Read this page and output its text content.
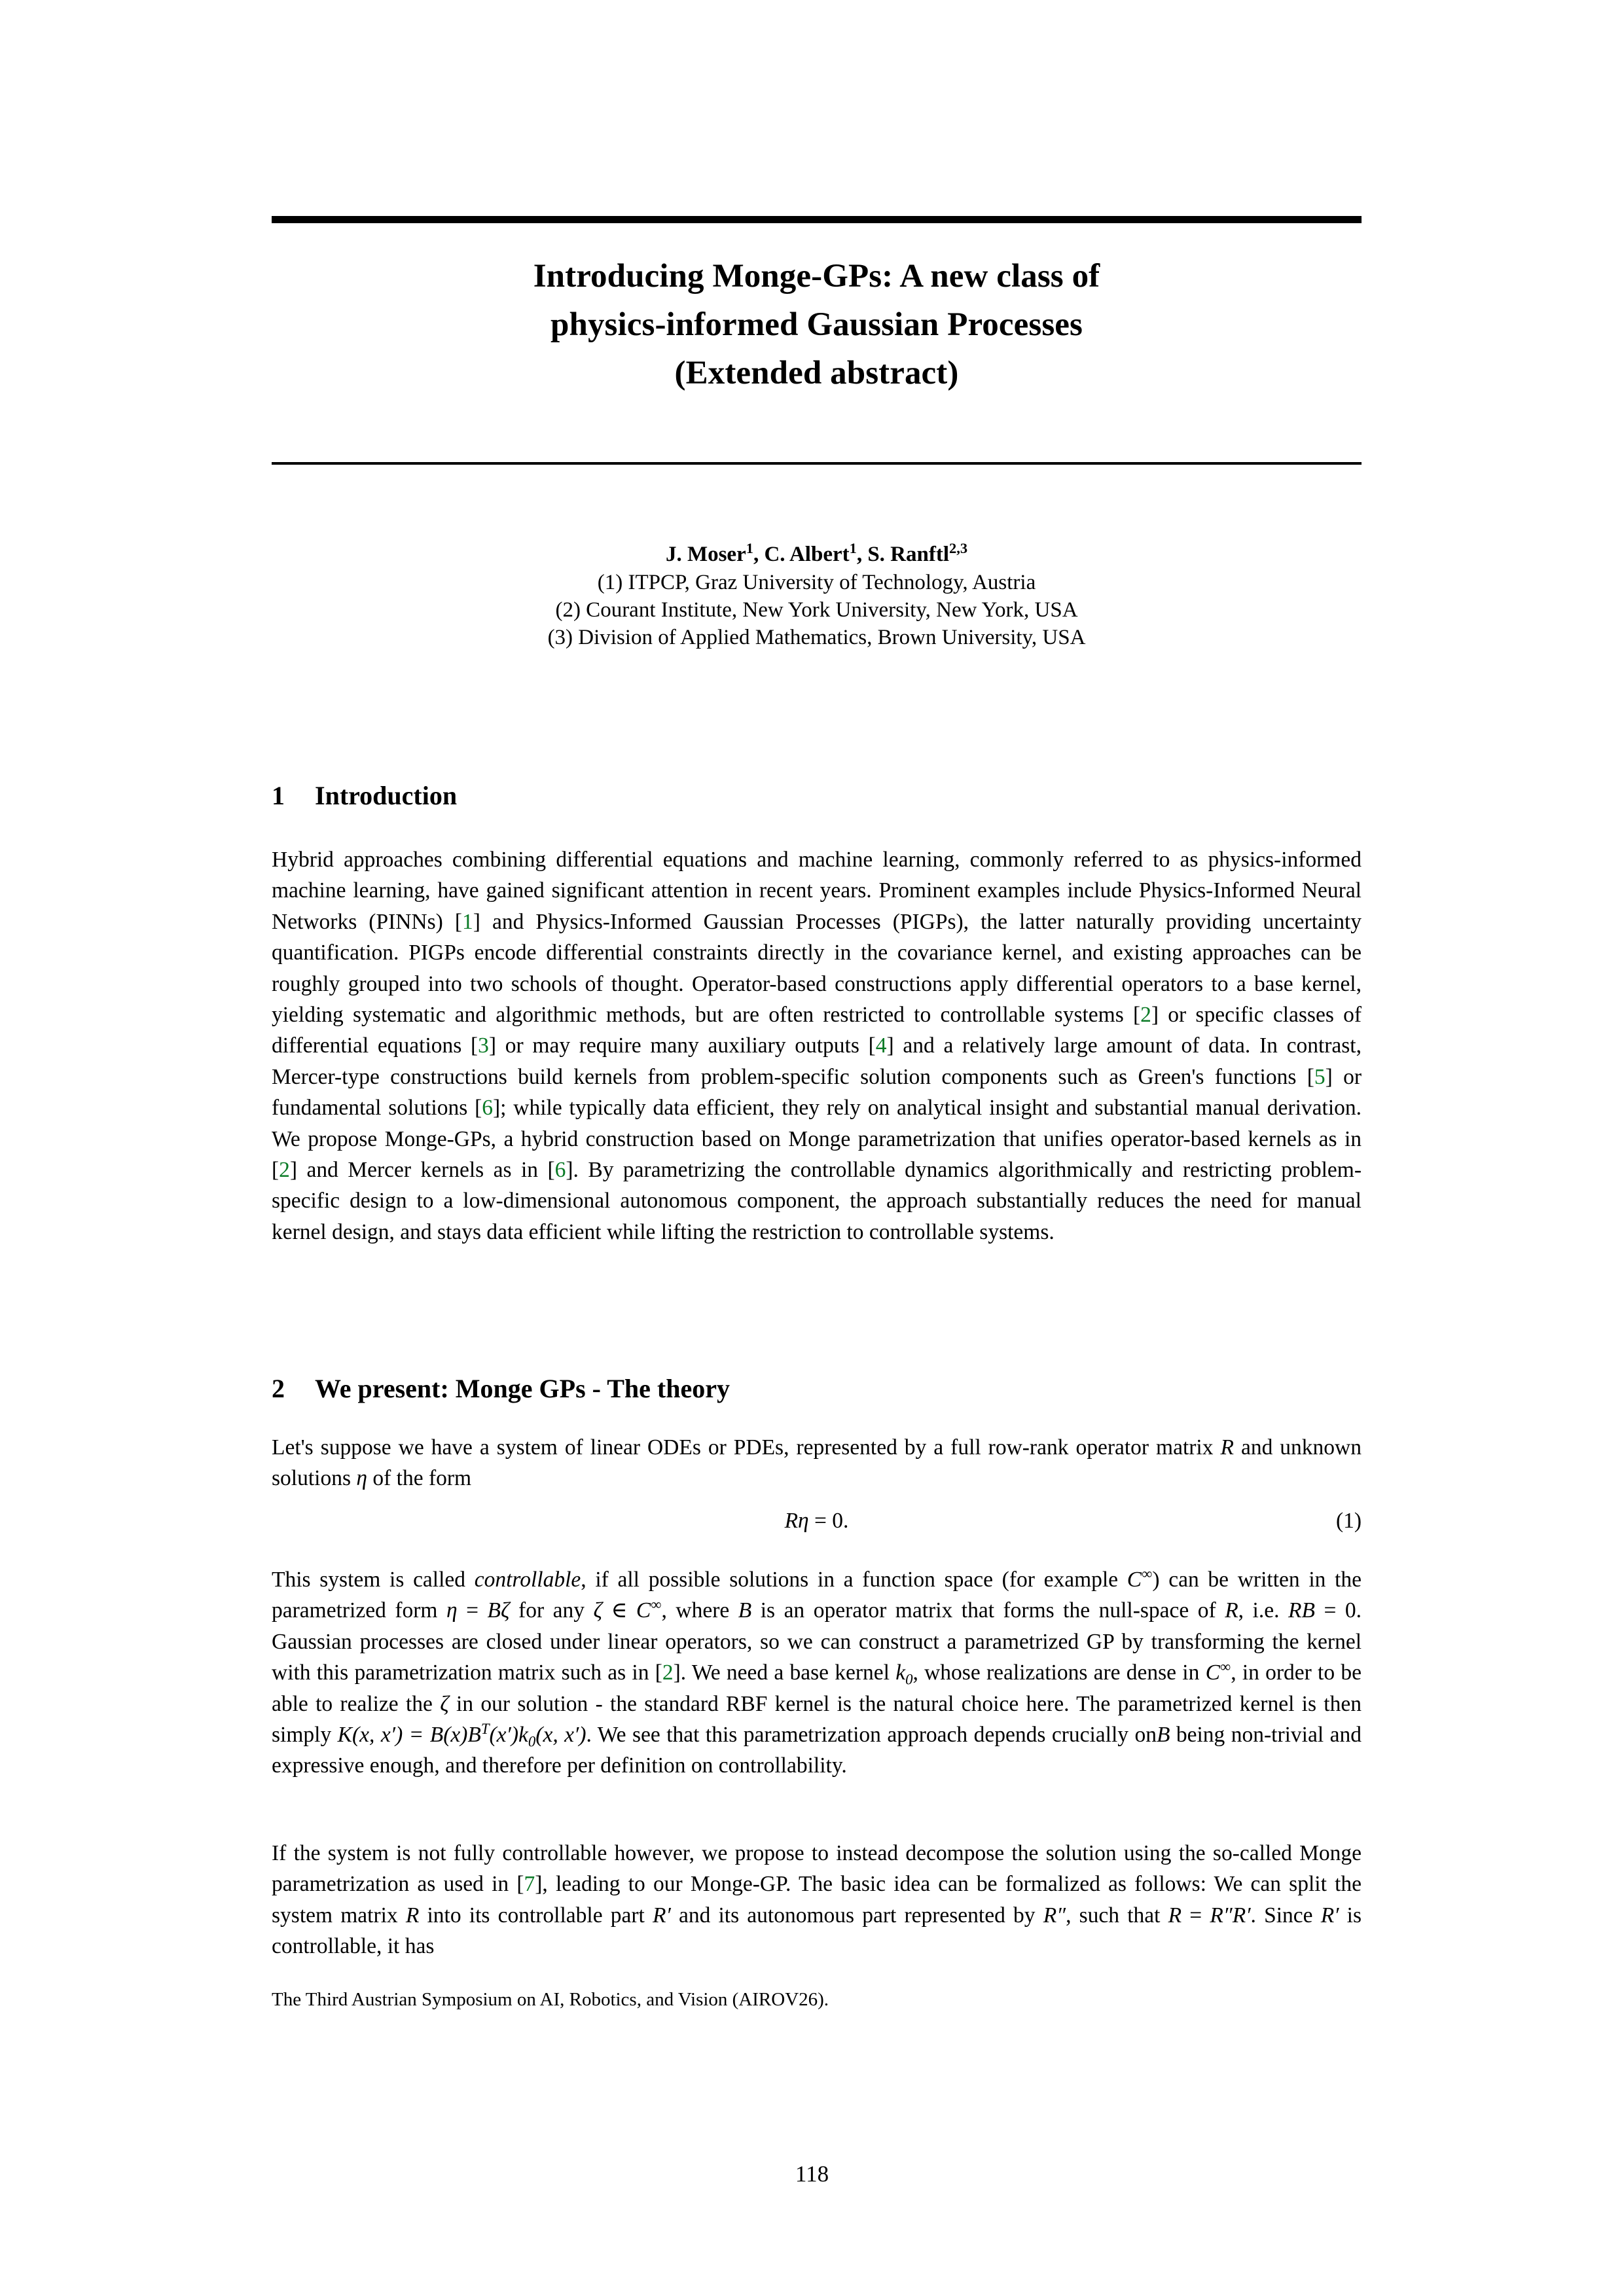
Introducing Monge-GPs: A new class of
physics-informed Gaussian Processes
(Extended abstract)
J. Moser$^1$, C. Albert$^1$, S. Ranftl$^{2,3}$
(1) ITPCP, Graz University of Technology, Austria
(2) Courant Institute, New York University, New York, USA
(3) Division of Applied Mathematics, Brown University, USA
1 Introduction
Hybrid approaches combining differential equations and machine learning, commonly referred to as physics-informed machine learning, have gained significant attention in recent years. Prominent examples include Physics-Informed Neural Networks (PINNs) [1] and Physics-Informed Gaussian Processes (PIGPs), the latter naturally providing uncertainty quantification. PIGPs encode differential constraints directly in the covariance kernel, and existing approaches can be roughly grouped into two schools of thought. Operator-based constructions apply differential operators to a base kernel, yielding systematic and algorithmic methods, but are often restricted to controllable systems [2] or specific classes of differential equations [3] or may require many auxiliary outputs [4] and a relatively large amount of data. In contrast, Mercer-type constructions build kernels from problem-specific solution components such as Green's functions [5] or fundamental solutions [6]; while typically data efficient, they rely on analytical insight and substantial manual derivation. We propose Monge-GPs, a hybrid construction based on Monge parametrization that unifies operator-based kernels as in [2] and Mercer kernels as in [6]. By parametrizing the controllable dynamics algorithmically and restricting problem-specific design to a low-dimensional autonomous component, the approach substantially reduces the need for manual kernel design, and stays data efficient while lifting the restriction to controllable systems.
2 We present: Monge GPs - The theory
Let's suppose we have a system of linear ODEs or PDEs, represented by a full row-rank operator matrix R and unknown solutions η of the form
Rη = 0.	(1)
This system is called controllable, if all possible solutions in a function space (for example C∞) can be written in the parametrized form η = Bζ for any ζ ∈ C∞, where B is an operator matrix that forms the null-space of R, i.e. RB = 0. Gaussian processes are closed under linear operators, so we can construct a parametrized GP by transforming the kernel with this parametrization matrix such as in [2]. We need a base kernel $k_0$, whose realizations are dense in C∞, in order to be able to realize the ζ in our solution - the standard RBF kernel is the natural choice here. The parametrized kernel is then simply K(x, $x') = B(x)B^T(x')k_0(x$, x′). We see that this parametrization approach depends crucially onB being non-trivial and expressive enough, and therefore per definition on controllability.
If the system is not fully controllable however, we propose to instead decompose the solution using the so-called Monge parametrization as used in [7], leading to our Monge-GP. The basic idea can be formalized as follows: We can split the system matrix R into its controllable part R′ and its autonomous part represented by R″, such that R = R″R′. Since R′ is controllable, it has
The Third Austrian Symposium on AI, Robotics, and Vision (AIROV26).
118
